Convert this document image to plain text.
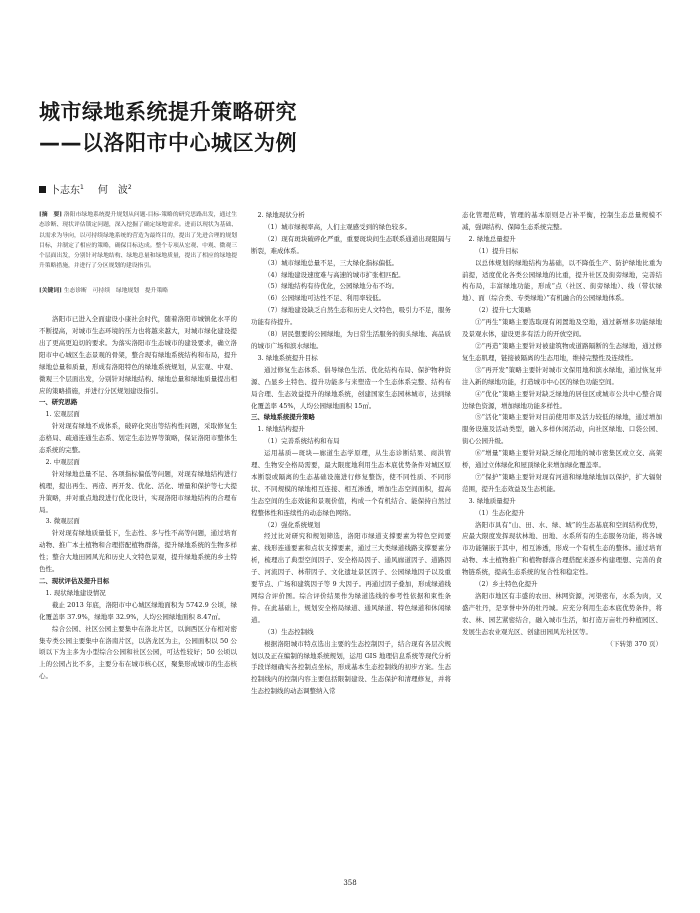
城市绿地系统提升策略研究
——以洛阳市中心城区为例
卜志东$^1$ 何　波$^2$
[摘　要] 洛阳市绿地系统提升规划从问题-目标-策略的研究思路出发，通过生态诊断、现状评估锁定问题，深入挖掘了确定绿地需求。进而以现状为基础、以需求为导向，以可持续绿地系统的营造为最终目的，提出了先进合理的规划目标，并制定了相应的策略，确保目标达成。整个专项从宏观、中观、微观三个层面出发，分别针对绿地结构、绿地总量和绿地质量，提出了相应的绿地提升策略措施，并进行了分区规划的建设指引。
[关键词] 生态诊断　可持续　绿地规划　提升策略

洛阳市已进入全面建设小康社会时代，随着洛阳市城镇化水平的不断提高，对城市生态环境的压力也将越来越大，对城市绿化建设提出了更高更迫切的要求。为落实洛阳市生态城市的建设要求，确立洛阳市中心城区生态景观的骨架，整合现有绿地系统结构和布局，提升绿地总量和质量，形成有洛阳特色的绿地系统规划，从宏观、中观、微观三个层面出发，分别针对绿地结构、绿地总量和绿地质量提出相应的策略措施，并进行分区规划建设指引。

一、研究思路
1. 宏观层面

针对现有绿地不成体系，破碎化突出等结构性问题，采取修复生态格局、疏通连通生态系、划定生态边界等策略，保证洛阳市整体生态系统的完整。

2. 中观层面

针对绿地总量不足、各项指标偏低等问题，对现有绿地结构进行梳理，提出再生、再造、再开发、优化、活化、增量和保护等七大提升策略，并对重点地段进行优化设计，实现洛阳市绿地结构的合理布局。

3. 微观层面

针对现有绿地质量低下，生态性、多与性不高等问题，通过培育动物、推广本土植物和合理搭配植物群落，提升绿地系统的生物多样性；整合大地田园风光和历史人文特色景观，提升绿地系统的乡土特色性。

二、现状评估及提升目标
1. 现状绿地建设情况

截止 2013 年底，洛阳市中心城区绿地面积为 5742.9 公顷，绿化覆盖率 37.9%，绿地率 32.9%，人均公园绿地面积 8.47㎡。

综合公园、社区公园主要集中在洛北片区，以涧西区分布相对密集专类公园主要集中在洛南片区，以洛龙区为主，公园面积以 50 公顷以下为主多为小型综合公园和社区公园，可达性较好；50 公顷以上的公园占比不多，主要分布在城市核心区，聚集形成城市的生态核心。

2. 绿地现状分析

（1）城市绿视率高，人们主观感受到的绿色较多。

（2）现有斑块破碎化严重，重要斑块间生态联系通道出现阻隔与断裂，难成体系。

（3）城市绿地总量不足，三大绿化指标偏低。

（4）绿地建设速度难与高速的城市扩张相匹配。

（5）绿地结构有待优化，公园绿地分布不均。

（6）公园绿地可达性不足、利用率较低。

（7）绿地建设缺乏自然生态和历史人文特色，吸引力不足，服务功能有待提升。

（8）居民想要的公园绿地，为日常生活服务的街头绿地、高品质的城市广场和滨水绿地。

3. 绿地系统提升目标

通过修复生态体系、倡导绿色生活、优化结构布局、保护物种资源、凸显乡土特色、提升功能多与来塑造一个生态体系完整、结构布局合理、生态效益提升的绿地系统，创建国家生态园林城市，达到绿化覆盖率 45%，人均公园绿地面积 15㎡。

三、绿地系统提升策略
1. 绿地结构提升
（1）完善系统结构和布局

运用基质—斑块—廊道生态学原理，从生态诊断结果、商洪管理、生物安全格局需要，最大限度地利用生态本底优势条件对城区原本断裂或隔离的生态基础设施进行修复整饬，使不同性质、不同形状、不同规模的绿地相互连接、相互渗透，增加生态空间面积，提高生态空间的生态效能和景观价值，构成一个有机结合、能保持自然过程整体性和连续性的动态绿色网络。

（2）强化系统规划

经过比对研究和规划筛选，洛阳市绿道支撑要素为特色空间要素、线形连通要素和点状支撑要素，通过三大类绿道线路支撑要素分析，梳理出了典型空间因子、安全格局因子、通风廊道因子、道路因子、河流因子、林带因子、文化遗址景区因子、公园绿地因子以及重要节点、广场和建筑因子等 9 大因子。再通过因子叠加，形成绿道线网综合评价图。综合评价结果作为绿道选线的参考性依据和束性条件。在此基础上，规划安全格局绿道、通风绿道、特色绿道和休闲绿道。

（3）生态控制线

根据洛阳城市特点选出主要的生态控制因子，结合现有各层次规划以及正在编制的绿地系统规划，运用 GIS 地理信息系统等现代分析手段详细确实各控制点坐标，形成基本生态控制线的初步方案。生态控制线内的控制内容主要包括限制建设、生态保护和清理修复，并将生态控制线的动态调整纳入常

态化管理范畴，管理的基本原则是占补平衡，控制生态总量规模不减，强调结构、保障生态系统完整。

2. 绿地总量提升
（1）提升目标

以总体规划的绿地结构为基础，以不降低生产、防护绿地比重为前提，适度优化各类公园绿地的比重，提升社区及街旁绿地，完善结构布局，丰富绿地功能，形成“点（社区、街旁绿地）、线（带状绿地）、面（综合类、专类绿地）”有机融合的公园绿地体系。

（2）提升七大策略

①“再生”策略主要选取现有闲置地及空地，通过新增多功能绿地及景观水体，建设更多有活力的开放空间。

②“再造”策略主要针对被建筑物或道路隔断的生态绿地，通过修复生态肌理，链接被隔离的生态用地，维持完整性及连续性。

③“再开发”策略主要针对城市文保用地和滨水绿地，通过恢复并注入新的绿地功能，打造城市中心区的绿色功能空间。

④“优化”策略主要针对缺乏绿地的居住区或城市公共中心整合周边绿色资源，增加绿地功能多样性。

⑤“活化”策略主要针对目前使用率及活力较低的绿地，通过增加服务设施及活动类型，融入多样休闲活动，向社区绿地、口袋公园、街心公园升级。

⑥“增量”策略主要针对缺乏绿化用地的城市密集区或立交、高架桥，通过立体绿化和屋顶绿化来增加绿化覆盖率。

⑦“保护”策略主要针对现有河道和绿地绿地加以保护，扩大辐射范围，提升生态效益及生态机能。

3. 绿地质量提升
（1）生态化提升

洛阳市具有“山、田、水、绿、城”的生态基底和空间结构优势，应最大限度发挥现状林地、田地、水系所有的生态服务功能，将各城市功能镶嵌于其中，相互渗透，形成一个有机生态的整体。通过培育动物、本土植物推广和植物群落合理搭配来逐步构建理想、完善的食物链系统，提高生态系统的复合性和稳定性。

（2）乡土特色化提升

洛阳市地区有丰盛的农田、林网资源，河渠密布，水系为肉，又盛产牡丹，是享誉中外的牡丹城。应充分利用生态本底优势条件，将农、林、园艺紧密结合，融入城市生活，如打造万亩牡丹种植园区、发展生态农业观光区、创建田园风光社区等。

（下转第 370 页）

358
